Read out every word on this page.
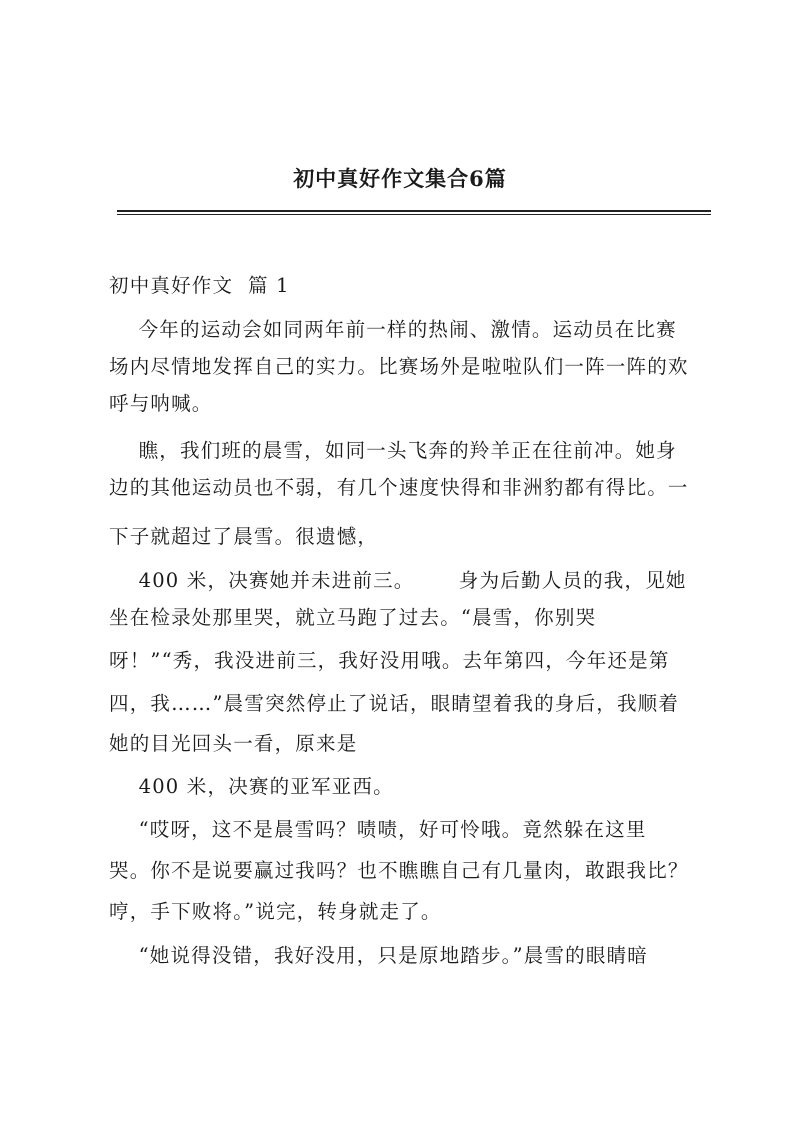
初中真好作文集合6篇
初中真好作文  篇 1
今年的运动会如同两年前一样的热闹、激情。运动员在比赛
场内尽情地发挥自己的实力。比赛场外是啦啦队们一阵一阵的欢
呼与呐喊。
瞧，我们班的晨雪，如同一头飞奔的羚羊正在往前冲。她身
边的其他运动员也不弱，有几个速度快得和非洲豹都有得比。一
下子就超过了晨雪。很遗憾，
400 米，决赛她并未进前三。      身为后勤人员的我，见她
坐在检录处那里哭，就立马跑了过去。“晨雪，你别哭
呀！”“秀，我没进前三，我好没用哦。去年第四，今年还是第
四，我……”晨雪突然停止了说话，眼睛望着我的身后，我顺着
她的目光回头一看，原来是
400 米，决赛的亚军亚西。
“哎呀，这不是晨雪吗？啧啧，好可怜哦。竟然躲在这里
哭。你不是说要赢过我吗？也不瞧瞧自己有几量肉，敢跟我比？
哼，手下败将。”说完，转身就走了。
“她说得没错，我好没用，只是原地踏步。”晨雪的眼睛暗
